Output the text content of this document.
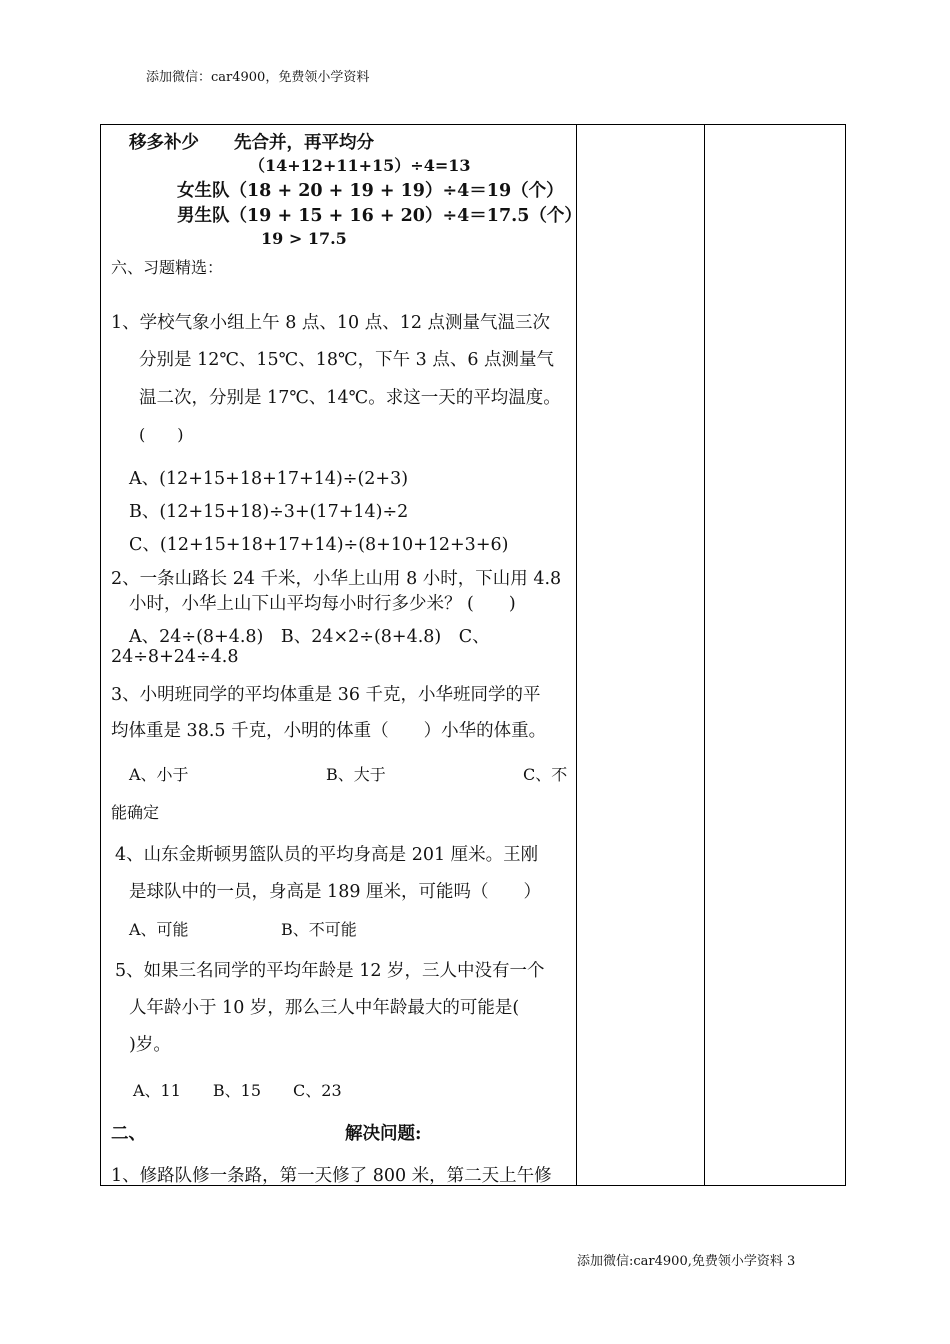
添加微信：car4900，免费领小学资料
移多补少　　先合并，再平均分
（14+12+11+15）÷4=13
女生队（18 + 20 + 19 + 19）÷4＝19（个）
男生队（19 + 15 + 16 + 20）÷4＝17.5（个）
19 > 17.5
六、习题精选：
1、学校气象小组上午 8 点、10 点、12 点测量气温三次
分别是 12℃、15℃、18℃，下午 3 点、6 点测量气
温二次，分别是 17℃、14℃。求这一天的平均温度。
(　　)
A、(12+15+18+17+14)÷(2+3)
B、(12+15+18)÷3+(17+14)÷2
C、(12+15+18+17+14)÷(8+10+12+3+6)
2、一条山路长 24 千米，小华上山用 8 小时，下山用 4.8
小时，小华上山下山平均每小时行多少米？ (　　)
A、24÷(8+4.8)　B、24×2÷(8+4.8)　C、
24÷8+24÷4.8
3、小明班同学的平均体重是 36 千克，小华班同学的平
均体重是 38.5 千克，小明的体重（　　）小华的体重。
A、小于	B、大于	C、不
能确定
4、山东金斯顿男篮队员的平均身高是 201 厘米。王刚
是球队中的一员，身高是 189 厘米，可能吗（　　）
A、可能	B、不可能
5、如果三名同学的平均年龄是 12 岁，三人中没有一个
人年龄小于 10 岁，那么三人中年龄最大的可能是(
)岁。
A、11　　B、15　　C、23
二、	解决问题:
1、修路队修一条路，第一天修了 800 米，第二天上午修
添加微信:car4900,免费领小学资料 3
